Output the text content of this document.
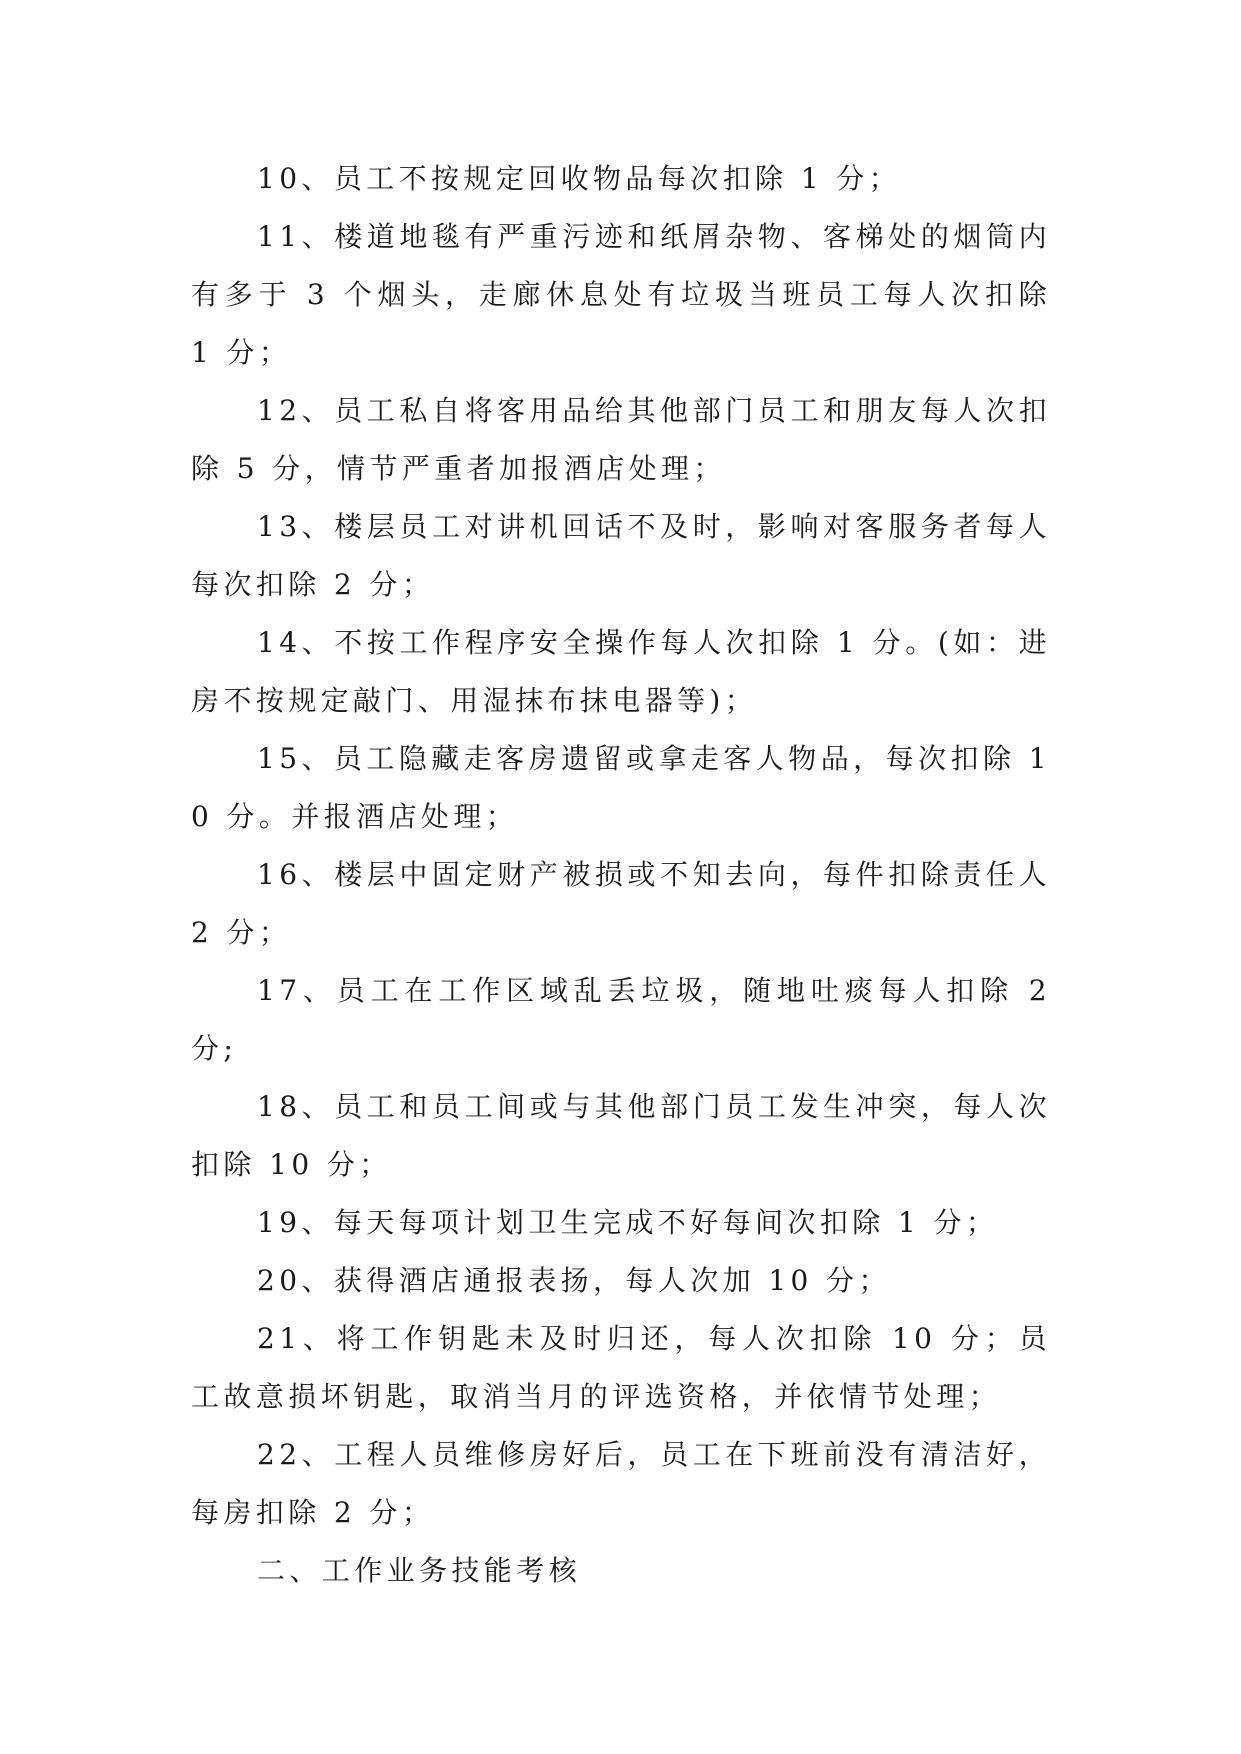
10、员工不按规定回收物品每次扣除 1 分；

11、楼道地毯有严重污迹和纸屑杂物、客梯处的烟筒内有多于 3 个烟头，走廊休息处有垃圾当班员工每人次扣除 1 分；

12、员工私自将客用品给其他部门员工和朋友每人次扣除 5 分，情节严重者加报酒店处理；

13、楼层员工对讲机回话不及时，影响对客服务者每人每次扣除 2 分；

14、不按工作程序安全操作每人次扣除 1 分。(如：进房不按规定敲门、用湿抹布抹电器等)；

15、员工隐藏走客房遗留或拿走客人物品，每次扣除 10 分。并报酒店处理；

16、楼层中固定财产被损或不知去向，每件扣除责任人 2 分；

17、员工在工作区域乱丢垃圾，随地吐痰每人扣除 2 分;

18、员工和员工间或与其他部门员工发生冲突，每人次扣除 10 分；

19、每天每项计划卫生完成不好每间次扣除 1 分；

20、获得酒店通报表扬，每人次加 10 分；

21、将工作钥匙未及时归还，每人次扣除 10 分；员工故意损坏钥匙，取消当月的评选资格，并依情节处理；

22、工程人员维修房好后，员工在下班前没有清洁好，每房扣除 2 分；

二、工作业务技能考核
